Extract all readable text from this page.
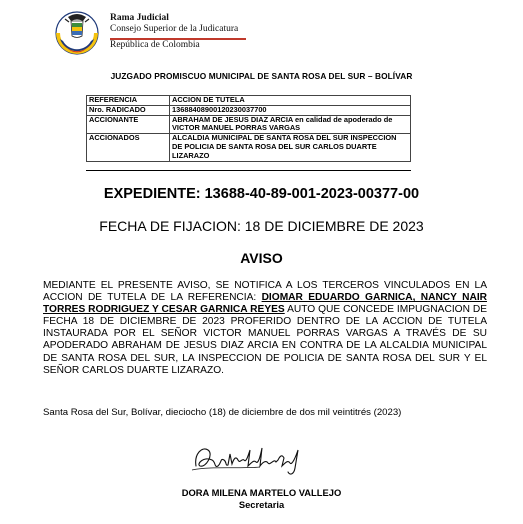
Rama Judicial
Consejo Superior de la Judicatura
República de Colombia
JUZGADO PROMISCUO MUNICIPAL DE SANTA ROSA DEL SUR – BOLÍVAR
REFERENCIA	ACCION DE TUTELA
Nro. RADICADO	13688408900120230037700
ACCIONANTE	ABRAHAM DE JESUS DIAZ ARCIA en calidad de apoderado de VICTOR MANUEL PORRAS VARGAS
ACCIONADOS	ALCALDIA MUNICIPAL DE SANTA ROSA DEL SUR INSPECCION DE POLICIA DE SANTA ROSA DEL SUR CARLOS DUARTE LIZARAZO
EXPEDIENTE: 13688-40-89-001-2023-00377-00
FECHA DE FIJACION: 18 DE DICIEMBRE DE 2023
AVISO
MEDIANTE EL PRESENTE AVISO, SE NOTIFICA A LOS TERCEROS VINCULADOS EN LA ACCION DE TUTELA DE LA REFERENCIA: DIOMAR EDUARDO GARNICA, NANCY NAIR TORRES RODRIGUEZ Y CESAR GARNICA REYES AUTO QUE CONCEDE IMPUGNACION DE FECHA 18 DE DICIEMBRE DE 2023 PROFERIDO DENTRO DE LA ACCION DE TUTELA INSTAURADA POR EL SEÑOR VICTOR MANUEL PORRAS VARGAS A TRAVÉS DE SU APODERADO ABRAHAM DE JESUS DIAZ ARCIA EN CONTRA DE LA ALCALDIA MUNICIPAL DE SANTA ROSA DEL SUR, LA INSPECCION DE POLICIA DE SANTA ROSA DEL SUR Y EL SEÑOR CARLOS DUARTE LIZARAZO.
Santa Rosa del Sur, Bolívar, dieciocho (18) de diciembre de dos mil veintitrés (2023)
DORA MILENA MARTELO VALLEJO
Secretaria
